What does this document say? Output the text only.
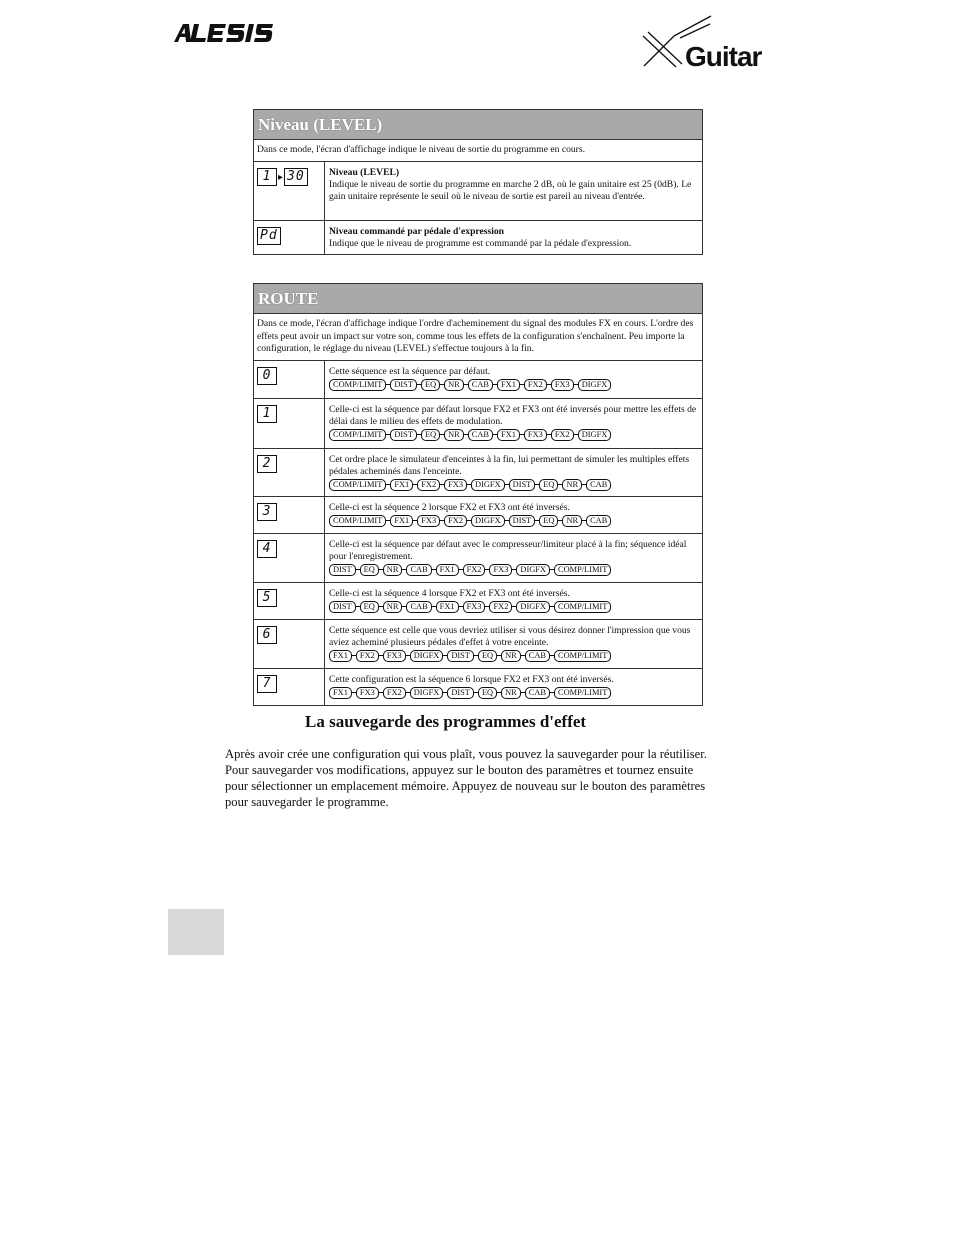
Guitar
Niveau (LEVEL)
Dans ce mode, l'écran d'affichage indique le niveau de sortie du programme en cours.
1 ▸ 30	Niveau (LEVEL)
Indique le niveau de sortie du programme en marche 2 dB, où le gain unitaire est 25 (0dB). Le gain unitaire représente le seuil où le niveau de sortie est pareil au niveau d'entrée.
Pd	Niveau commandé par pédale d'expression
Indique que le niveau de programme est commandé par la pédale d'expression.
ROUTE
Dans ce mode, l'écran d'affichage indique l'ordre d'acheminement du signal des modules FX en cours. L'ordre des effets peut avoir un impact sur votre son, comme tous les effets de la configuration s'enchaînent. Peu importe la configuration, le réglage du niveau (LEVEL) s'effectue toujours à la fin.
0	Cette séquence est la séquence par défaut.
COMP/LIMIT DIST EQ NR CAB FX1 FX2 FX3 DIGFX
1	Celle-ci est la séquence par défaut lorsque FX2 et FX3 ont été inversés pour mettre les effets de délai dans le milieu des effets de modulation.
COMP/LIMIT DIST EQ NR CAB FX1 FX3 FX2 DIGFX
2	Cet ordre place le simulateur d'enceintes à la fin, lui permettant de simuler les multiples effets pédales acheminés dans l'enceinte.
COMP/LIMIT FX1 FX2 FX3 DIGFX DIST EQ NR CAB
3	Celle-ci est la séquence 2 lorsque FX2 et FX3 ont été inversés.
COMP/LIMIT FX1 FX3 FX2 DIGFX DIST EQ NR CAB
4	Celle-ci est la séquence par défaut avec le compresseur/limiteur placé à la fin; séquence idéal pour l'enregistrement.
DIST EQ NR CAB FX1 FX2 FX3 DIGFX COMP/LIMIT
5	Celle-ci est la séquence 4 lorsque FX2 et FX3 ont été inversés.
DIST EQ NR CAB FX1 FX3 FX2 DIGFX COMP/LIMIT
6	Cette séquence est celle que vous devriez utiliser si vous désirez donner l'impression que vous aviez acheminé plusieurs pédales d'effet à votre enceinte.
FX1 FX2 FX3 DIGFX DIST EQ NR CAB COMP/LIMIT
7	Cette configuration est la séquence 6 lorsque FX2 et FX3 ont été inversés.
FX1 FX3 FX2 DIGFX DIST EQ NR CAB COMP/LIMIT
La sauvegarde des programmes d'effet
Après avoir crée une configuration qui vous plaît, vous pouvez la sauvegarder pour la réutiliser. Pour sauvegarder vos modifications, appuyez sur le bouton des paramètres et tournez ensuite pour sélectionner un emplacement mémoire. Appuyez de nouveau sur le bouton des paramètres pour sauvegarder le programme.
